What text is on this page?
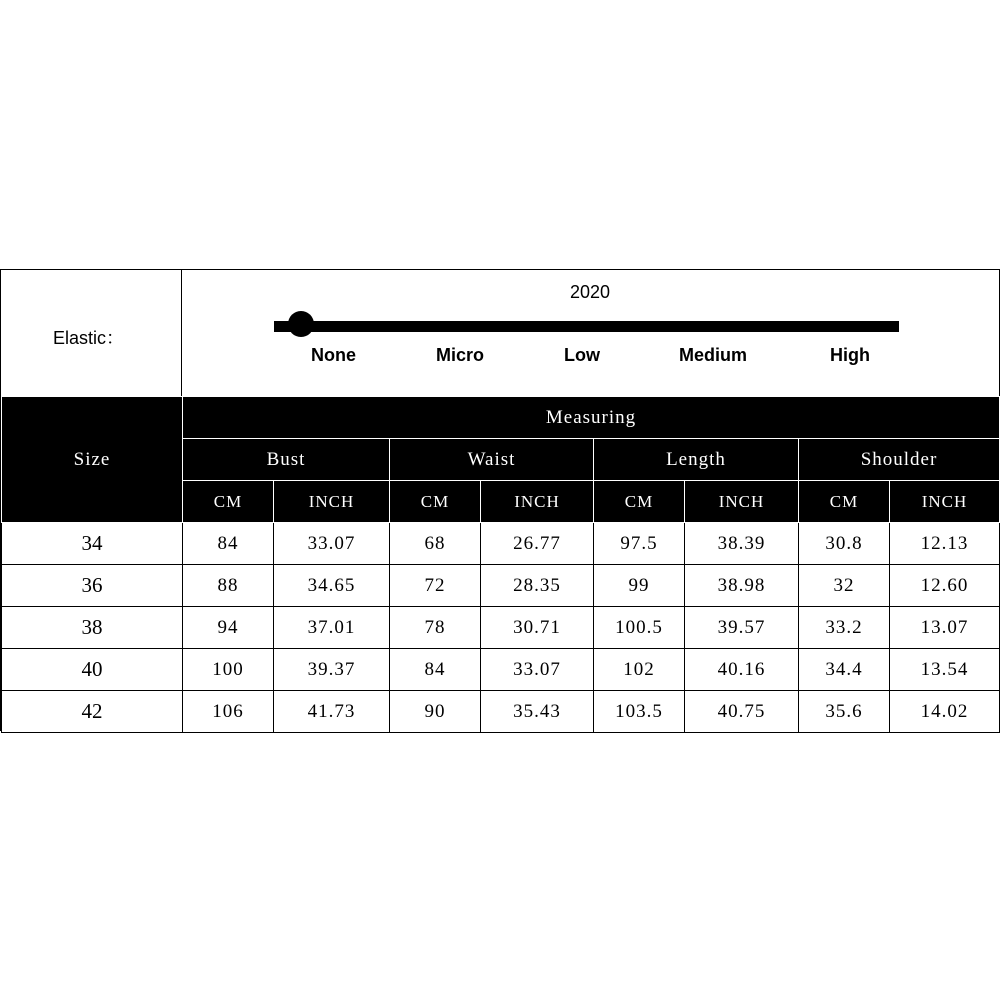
Elastic：
2020
None	Micro	Low	Medium	High
Size	Measuring							
	Bust		Waist		Length		Shoulder	
	CM	INCH	CM	INCH	CM	INCH	CM	INCH
34	84	33.07	68	26.77	97.5	38.39	30.8	12.13
36	88	34.65	72	28.35	99	38.98	32	12.60
38	94	37.01	78	30.71	100.5	39.57	33.2	13.07
40	100	39.37	84	33.07	102	40.16	34.4	13.54
42	106	41.73	90	35.43	103.5	40.75	35.6	14.02
